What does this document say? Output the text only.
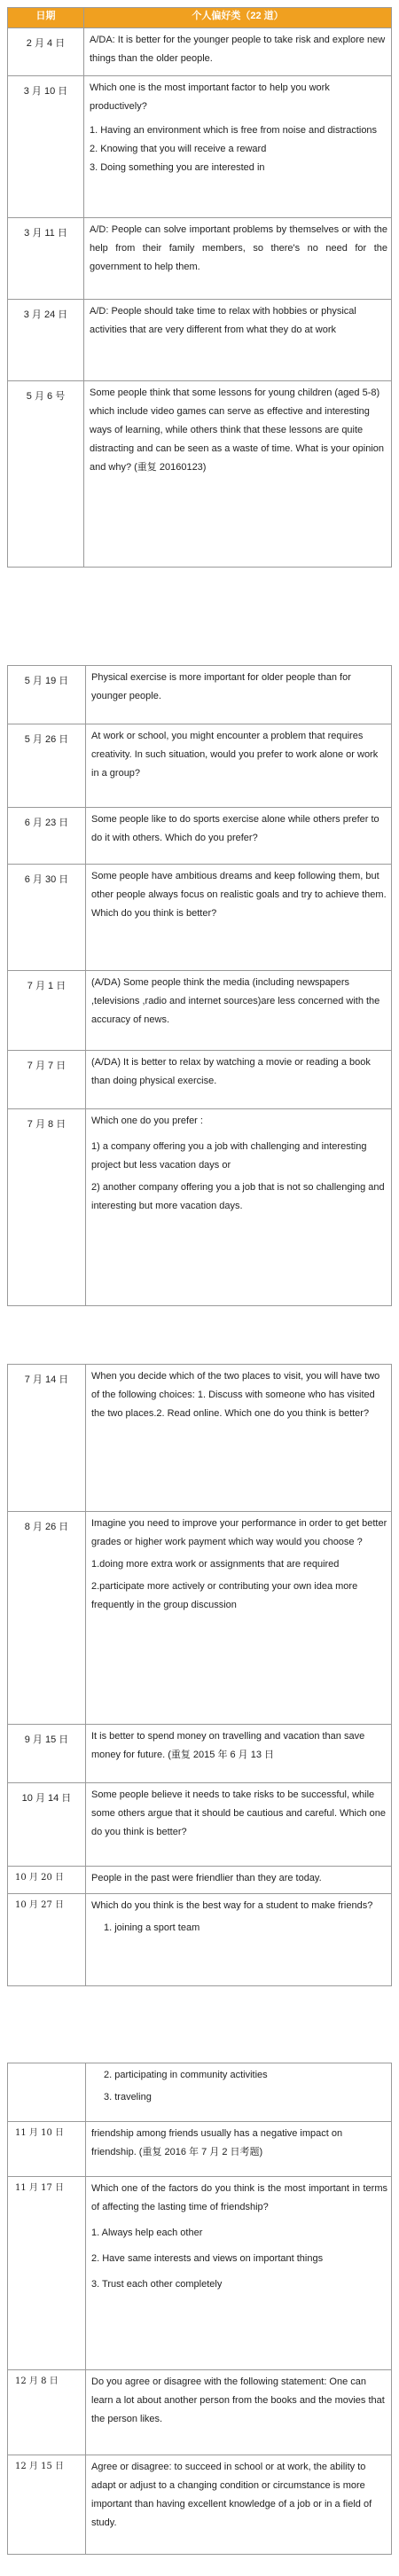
日期	个人偏好类（22 道）
2 月 4 日	A/DA: It is better for the younger people to take risk and explore new things than the older people.

3 月 10 日	Which one is the most important factor to help you work productively?
1. Having an environment which is free from noise and distractions
2. Knowing that you will receive a reward
3. Doing something you are interested in

3 月 11 日	A/D: People can solve important problems by themselves or with the help from their family members, so there's no need for the government to help them.

3 月 24 日	A/D: People should take time to relax with hobbies or physical activities that are very different from what they do at work

5 月 6 号	Some people think that some lessons for young children (aged 5-8) which include video games can serve as effective and interesting ways of learning, while others think that these lessons are quite distracting and can be seen as a waste of time. What is your opinion and why? (重复 20160123)
5 月 19 日	Physical exercise is more important for older people than for younger people.

5 月 26 日	At work or school, you might encounter a problem that requires creativity. In such situation, would you prefer to work alone or work in a group?

6 月 23 日	Some people like to do sports exercise alone while others prefer to do it with others. Which do you prefer?

6 月 30 日	Some people have ambitious dreams and keep following them, but other people always focus on realistic goals and try to achieve them. Which do you think is better?

7 月 1 日	(A/DA) Some people think the media (including newspapers ,televisions ,radio and internet sources)are less concerned with the accuracy of news.

7 月 7 日	(A/DA) It is better to relax by watching a movie or reading a book than doing physical exercise.

7 月 8 日	Which one do you prefer :
1) a company offering you a job with challenging and interesting project but less vacation days or
2) another company offering you a job that is not so challenging and interesting but more vacation days.
7 月 14 日	When you decide which of the two places to visit, you will have two of the following choices: 1. Discuss with someone who has visited the two places.2. Read online. Which one do you think is better?

8 月 26 日	Imagine you need to improve your performance in order to get better grades or higher work payment which way would you choose ?
1.doing more extra work or assignments that are required
2.participate more actively or contributing your own idea more frequently in the group discussion

9 月 15 日	It is better to spend money on travelling and vacation than save money for future. (重复 2015 年 6 月 13 日

10 月 14 日	Some people believe it needs to take risks to be successful, while some others argue that it should be cautious and careful. Which one do you think is better?

10 月 20 日	People in the past were friendlier than they are today.

10 月 27 日	Which do you think is the best way for a student to make friends?
1. joining a sport team

	2. participating in community activities
3. traveling

11 月 10 日	friendship among friends usually has a negative impact on friendship. (重复 2016 年 7 月 2 日考题)

11 月 17 日	Which one of the factors do you think is the most important in terms of affecting the lasting time of friendship?
1. Always help each other
2. Have same interests and views on important things
3. Trust each other completely

12 月 8 日	Do you agree or disagree with the following statement: One can learn a lot about another person from the books and the movies that the person likes.

12 月 15 日	Agree or disagree: to succeed in school or at work, the ability to adapt or adjust to a changing condition or circumstance is more important than having excellent knowledge of a job or in a field of study.
